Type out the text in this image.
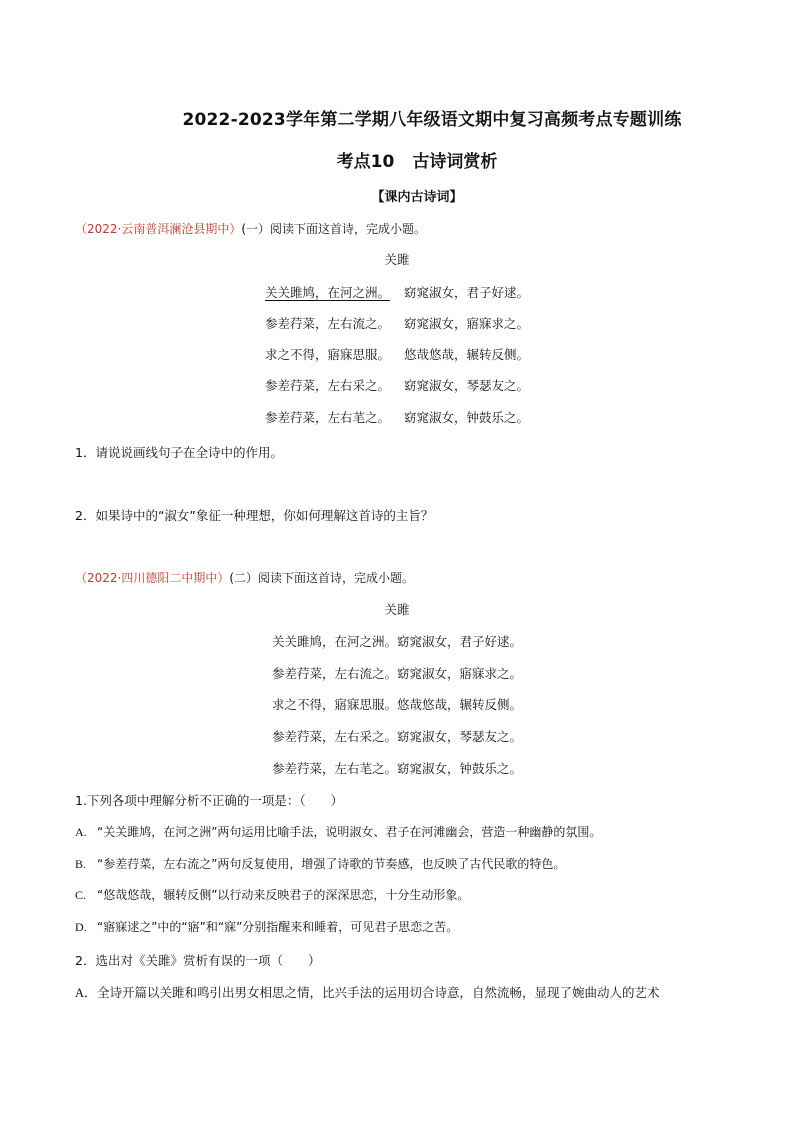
2022-2023学年第二学期八年级语文期中复习高频考点专题训练
考点10 古诗词赏析
【课内古诗词】
（2022·云南普洱澜沧县期中）(一）阅读下面这首诗，完成小题。
关雎
关关雎鸠，在河之洲。 窈窕淑女，君子好逑。
参差荇菜，左右流之。 窈窕淑女，寤寐求之。
求之不得，寤寐思服。 悠哉悠哉，辗转反侧。
参差荇菜，左右采之。 窈窕淑女，琴瑟友之。
参差荇菜，左右芼之。 窈窕淑女，钟鼓乐之。
1．请说说画线句子在全诗中的作用。
2．如果诗中的“淑女”象征一种理想，你如何理解这首诗的主旨？
（2022·四川德阳二中期中）(二）阅读下面这首诗，完成小题。
关雎
关关雎鸠，在河之洲。窈窕淑女，君子好逑。
参差荇菜，左右流之。窈窕淑女，寤寐求之。
求之不得，寤寐思服。悠哉悠哉，辗转反侧。
参差荇菜，左右采之。窈窕淑女，琴瑟友之。
参差荇菜，左右芼之。窈窕淑女，钟鼓乐之。
1.下列各项中理解分析不正确的一项是：（　　）
A. “关关雎鸠，在河之洲”两句运用比喻手法，说明淑女、君子在河滩幽会，营造一种幽静的氛围。
B. “参差荇菜，左右流之”两句反复使用，增强了诗歌的节奏感，也反映了古代民歌的特色。
C. “悠哉悠哉，辗转反侧”以行动来反映君子的深深思恋，十分生动形象。
D. “寤寐逑之”中的“寤”和“寐”分别指醒来和睡着，可见君子思恋之苦。
2．选出对《关雎》赏析有误的一项（　　）
A．全诗开篇以关雎和鸣引出男女相思之情，比兴手法的运用切合诗意，自然流畅，显现了婉曲动人的艺术
